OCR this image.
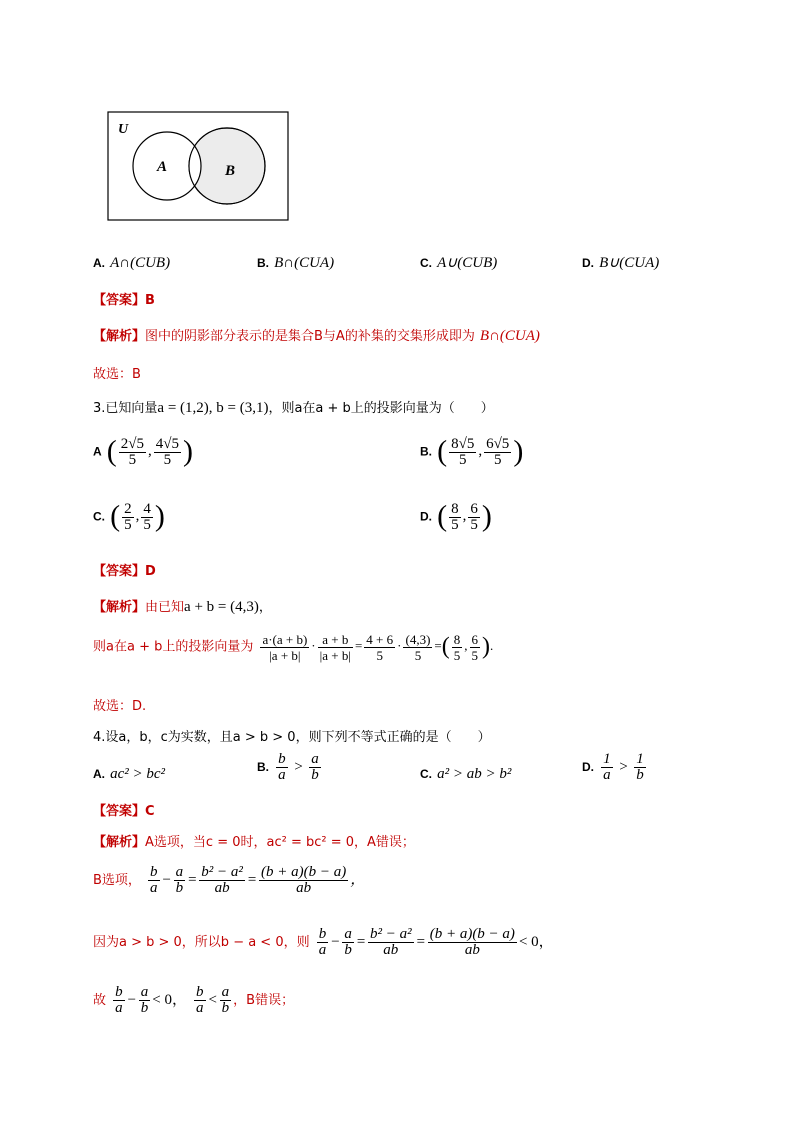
U
A	B
A. A∩(CUB)	B. B∩(CUA)	C. A∪(CUB)	D. B∪(CUA)
【答案】B
【解析】图中的阴影部分表示的是集合B与A的补集的交集形成即为 B∩(CUA)
故选：B
3.已知向量a = (1,2), b = (3,1)，则a在a + b上的投影向量为（　　）
A ( $\frac{2√5}{5}$ , $\frac{4√5}{5}$ )	B. ( $\frac{8√5}{5}$ , $\frac{6√5}{5}$ )
C. ( $\frac{2}{5}$ , $\frac{4}{5}$ )	D. ( $\frac{8}{5}$ , $\frac{6}{5}$ )
【答案】D
【解析】由已知a + b = (4,3)，
则a在a + b上的投影向量为 $\frac{a\cdot(a + b)}{|a + b|} \cdot \frac{a + b}{|a + b|} = \frac{4 + 6}{5} \cdot \frac{(4,3)}{5}$ =( $\frac{8}{5}$ , $\frac{6}{5}$ ).
故选：D.
4.设a，b，c为实数，且a > b > 0，则下列不等式正确的是（　　）
A. ac² > bc²	B. $\frac{b}{a} > \frac{a}{b}$	C. a² > ab > b²	D. $\frac{1}{a} > \frac{1}{b}$
【答案】C
【解析】A选项，当c = 0时，ac² = bc² = 0，A错误；
B选项， $\frac{b}{a} - \frac{a}{b} = \frac{\text{b² − a²}}{ab} = \frac{(b + a)(b - a)}{ab}$ ，
因为a > b > 0，所以b − a < 0，则 $\frac{b}{a} - \frac{a}{b} = \frac{\text{b² − a²}}{ab} = \frac{(b + a)(b - a)}{ab} < 0$，
故 $\frac{b}{a} - \frac{a}{b} < 0$， $\frac{b}{a} < \frac{a}{b}$ ，B错误；
